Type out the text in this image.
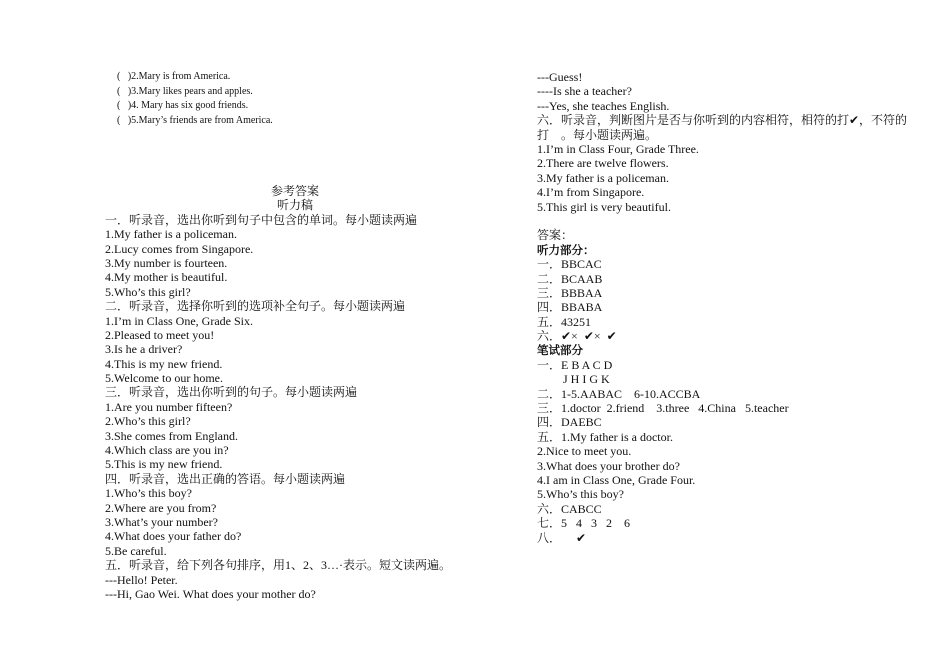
(   )2.Mary is from America.
(   )3.Mary likes pears and apples.
(   )4. Mary has six good friends.
(   )5.Mary’s friends are from America.
参考答案
听力稿
一．听录音，选出你听到句子中包含的单词。每小题读两遍
1.My father is a policeman.
2.Lucy comes from Singapore.
3.My number is fourteen.
4.My mother is beautiful.
5.Who’s this girl?
二．听录音，选择你听到的选项补全句子。每小题读两遍
1.I’m in Class One, Grade Six.
2.Pleased to meet you!
3.Is he a driver?
4.This is my new friend.
5.Welcome to our home.
三．听录音，选出你听到的句子。每小题读两遍
1.Are you number fifteen?
2.Who’s this girl?
3.She comes from England.
4.Which class are you in?
5.This is my new friend.
四．听录音，选出正确的答语。每小题读两遍
1.Who’s this boy?
2.Where are you from?
3.What’s your number?
4.What does your father do?
5.Be careful.
五．听录音，给下列各句排序，用1、2、3…·表示。短文读两遍。
---Hello! Peter.
---Hi, Gao Wei. What does your mother do?
---Guess!
----Is she a teacher?
---Yes, she teaches English.
六．听录音，判断图片是否与你听到的内容相符，相符的打✔，不符的打    。每小题读两遍。
1.I’m in Class Four, Grade Three.
2.There are twelve flowers.
3.My father is a policeman.
4.I’m from Singapore.
5.This girl is very beautiful.
答案：
听力部分：
一．BBCAC
二．BCAAB
三．BBBAA
四．BBABA
五．43251
六．✔×  ✔×  ✔
笔试部分
一．E B A C D
J H I G K
二．1-5.AABAC    6-10.ACCBA
三．1.doctor  2.friend    3.three   4.China   5.teacher
四．DAEBC
五．1.My father is a doctor.
2.Nice to meet you.
3.What does your brother do?
4.I am in Class One, Grade Four.
5.Who’s this boy?
六．CABCC
七．5   4   3   2    6
八．     ✔
